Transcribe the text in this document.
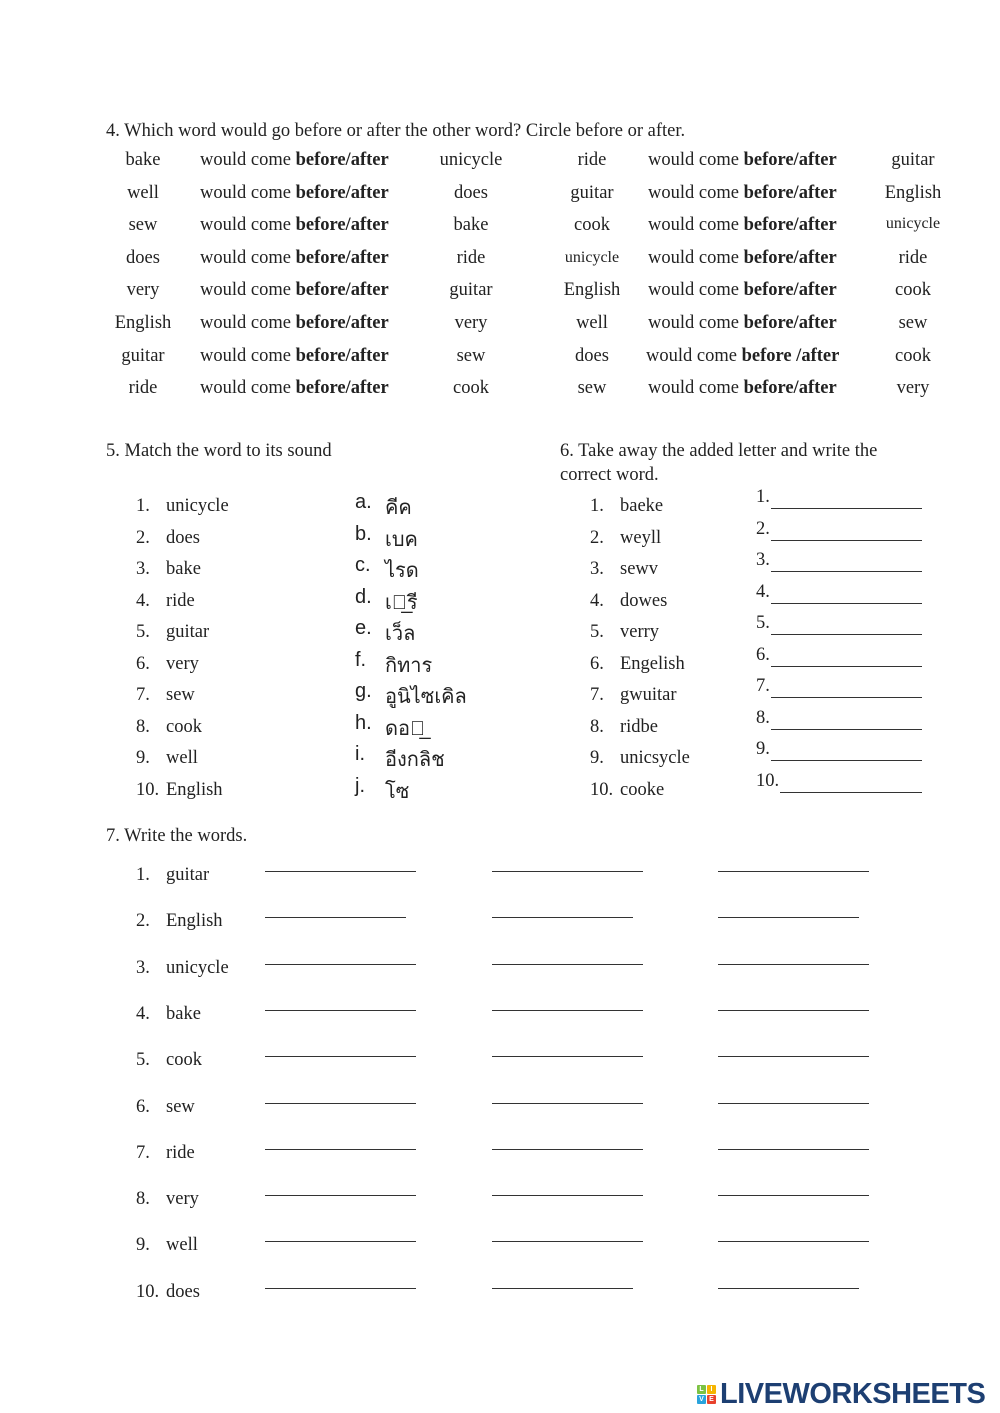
4. Which word would go before or after the other word? Circle before or after.
5. Match the word to its sound	6. Take away the added letter and write the
correct word.
7. Write the words.
L I
V E LIVEWORKSHEETS
bake would come before/after	unicycle	ride would come before/after	guitar
well would come before/after	does	guitar would come before/after	English
sew would come before/after	bake	cook would come before/after	unicycle
does would come before/after	ride	unicycle would come before/after	ride
very would come before/after	guitar	English would come before/after	cook
English would come before/after	very	well would come before/after	sew
guitar would come before/after	sew	does would come before /after	cook
ride would come before/after	cook	sew would come before/after	very
1. unicycle	a. คีค	1. baeke	1.
2. does	b. เบค	2. weyll	2.
3. bake	c. ไรด	3. sewv	3.
4. ride	d. เว̲รี	4. dowes	4.
5. guitar	e. เว็ล	5. verry	5.
6. very	f. กิทาร	6. Engelish	6.
7. sew	g. อูนิไซเคิล	7. gwuitar	7.
8. cook	h. ดอซ̲	8. ridbe	8.
9. well	i. อีงกลิช	9. unicsycle	9.
10. English	j. โซ	10. cooke	10.
1. guitar
2. English
3. unicycle
4. bake
5. cook
6. sew
7. ride
8. very
9. well
10. does
